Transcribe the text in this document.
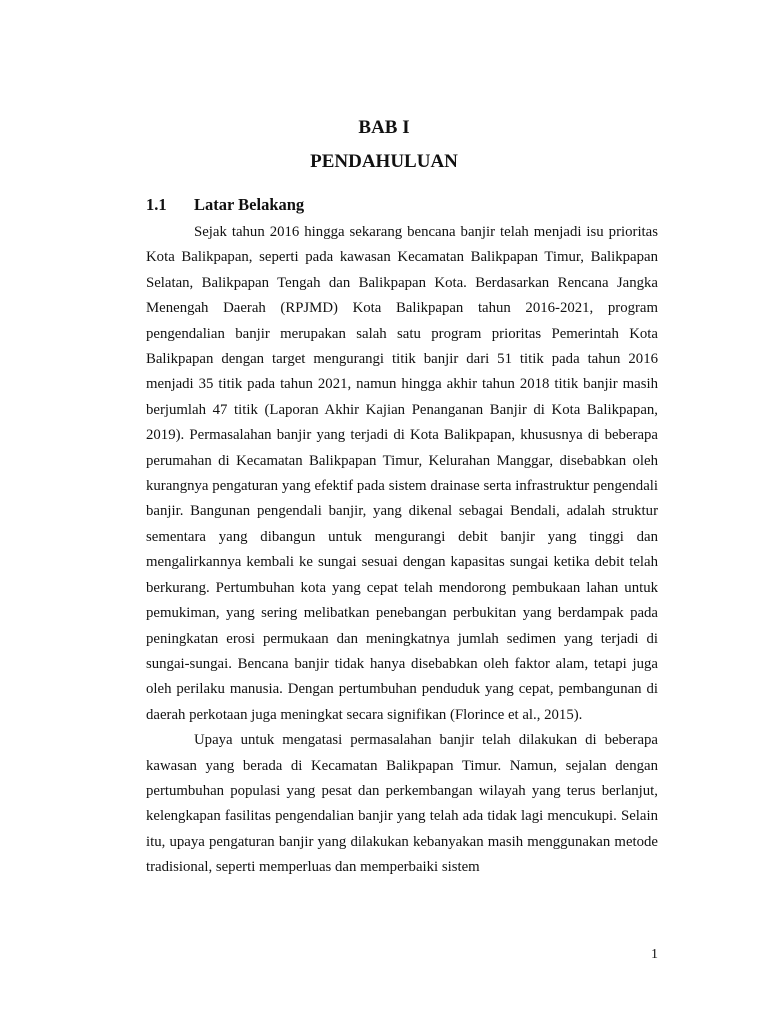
BAB I
PENDAHULUAN
1.1 Latar Belakang

Sejak tahun 2016 hingga sekarang bencana banjir telah menjadi isu prioritas Kota Balikpapan, seperti pada kawasan Kecamatan Balikpapan Timur, Balikpapan Selatan, Balikpapan Tengah dan Balikpapan Kota. Berdasarkan Rencana Jangka Menengah Daerah (RPJMD) Kota Balikpapan tahun 2016-2021, program pengendalian banjir merupakan salah satu program prioritas Pemerintah Kota Balikpapan dengan target mengurangi titik banjir dari 51 titik pada tahun 2016 menjadi 35 titik pada tahun 2021, namun hingga akhir tahun 2018 titik banjir masih berjumlah 47 titik (Laporan Akhir Kajian Penanganan Banjir di Kota Balikpapan, 2019). Permasalahan banjir yang terjadi di Kota Balikpapan, khususnya di beberapa perumahan di Kecamatan Balikpapan Timur, Kelurahan Manggar, disebabkan oleh kurangnya pengaturan yang efektif pada sistem drainase serta infrastruktur pengendali banjir. Bangunan pengendali banjir, yang dikenal sebagai Bendali, adalah struktur sementara yang dibangun untuk mengurangi debit banjir yang tinggi dan mengalirkannya kembali ke sungai sesuai dengan kapasitas sungai ketika debit telah berkurang. Pertumbuhan kota yang cepat telah mendorong pembukaan lahan untuk pemukiman, yang sering melibatkan penebangan perbukitan yang berdampak pada peningkatan erosi permukaan dan meningkatnya jumlah sedimen yang terjadi di sungai-sungai. Bencana banjir tidak hanya disebabkan oleh faktor alam, tetapi juga oleh perilaku manusia. Dengan pertumbuhan penduduk yang cepat, pembangunan di daerah perkotaan juga meningkat secara signifikan (Florince et al., 2015).

Upaya untuk mengatasi permasalahan banjir telah dilakukan di beberapa kawasan yang berada di Kecamatan Balikpapan Timur. Namun, sejalan dengan pertumbuhan populasi yang pesat dan perkembangan wilayah yang terus berlanjut, kelengkapan fasilitas pengendalian banjir yang telah ada tidak lagi mencukupi. Selain itu, upaya pengaturan banjir yang dilakukan kebanyakan masih menggunakan metode tradisional, seperti memperluas dan memperbaiki sistem

1
